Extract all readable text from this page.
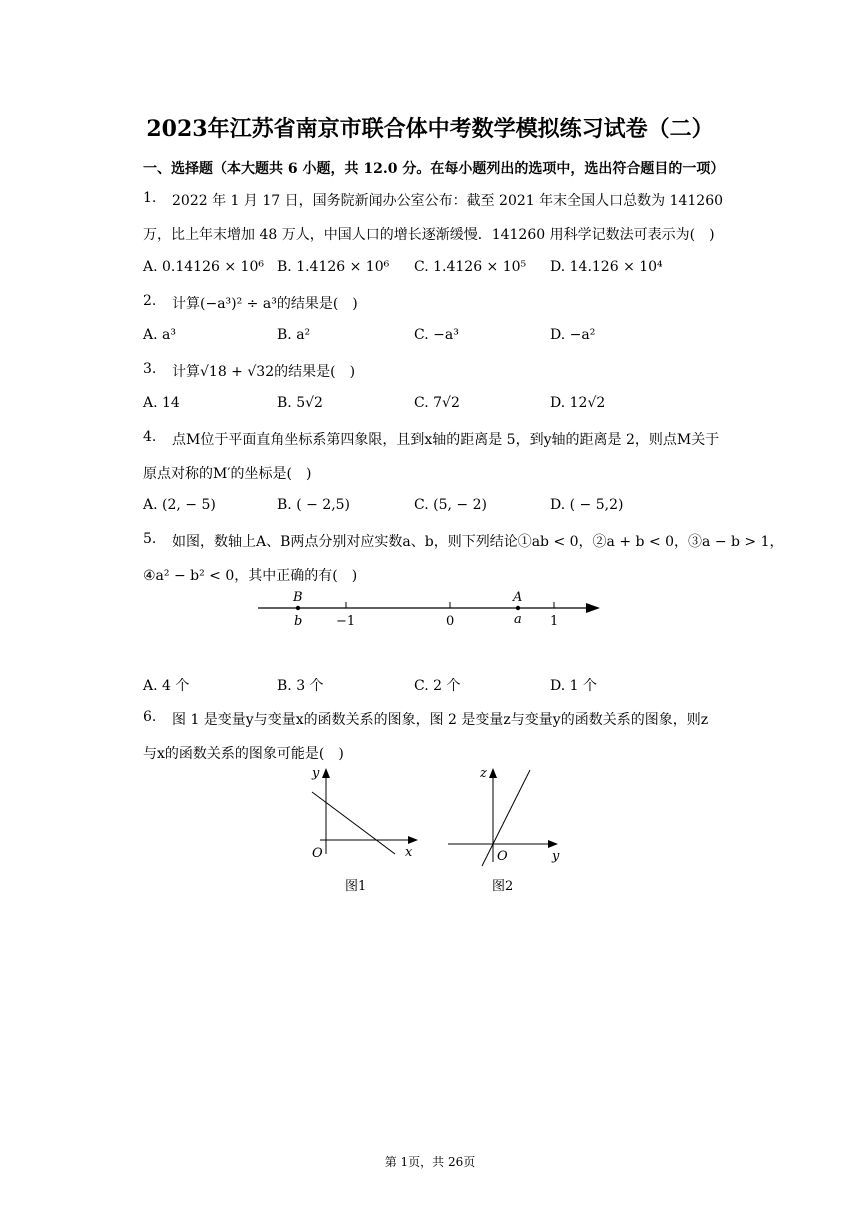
2023年江苏省南京市联合体中考数学模拟练习试卷（二）
一、选择题（本大题共 6 小题，共 12.0 分。在每小题列出的选项中，选出符合题目的一项）
1. 2022 年 1 月 17 日，国务院新闻办公室公布：截至 2021 年末全国人口总数为 141260
万，比上年末增加 48 万人，中国人口的增长逐渐缓慢．141260 用科学记数法可表示为(　)
A. 0.14126 × 10⁶ B. 1.4126 × 10⁶ C. 1.4126 × 10⁵ D. 14.126 × 10⁴
2. 计算(−a³)² ÷ a³的结果是(　)
A. a³	B. a²	C. −a³	D. −a²
3. 计算√18 + √32的结果是(　)
A. 14	B. 5√2	C. 7√2	D. 12√2
4. 点M位于平面直角坐标系第四象限，且到x轴的距离是 5，到y轴的距离是 2，则点M关于
原点对称的M′的坐标是(　)
A. (2, − 5)	B. ( − 2,5)	C. (5, − 2)	D. ( − 5,2)
5. 如图，数轴上A、B两点分别对应实数a、b，则下列结论①ab < 0，②a + b < 0，③a − b > 1，
④a² − b² < 0，其中正确的有(　)
B
b	−1	0
A
a 1
A. 4 个	B. 3 个	C. 2 个	D. 1 个
6. 图 1 是变量y与变量x的函数关系的图象，图 2 是变量z与变量y的函数关系的图象，则z
与x的函数关系的图象可能是(　)
y
x
O
图1
z
y
O
图2
第 1页，共 26页
